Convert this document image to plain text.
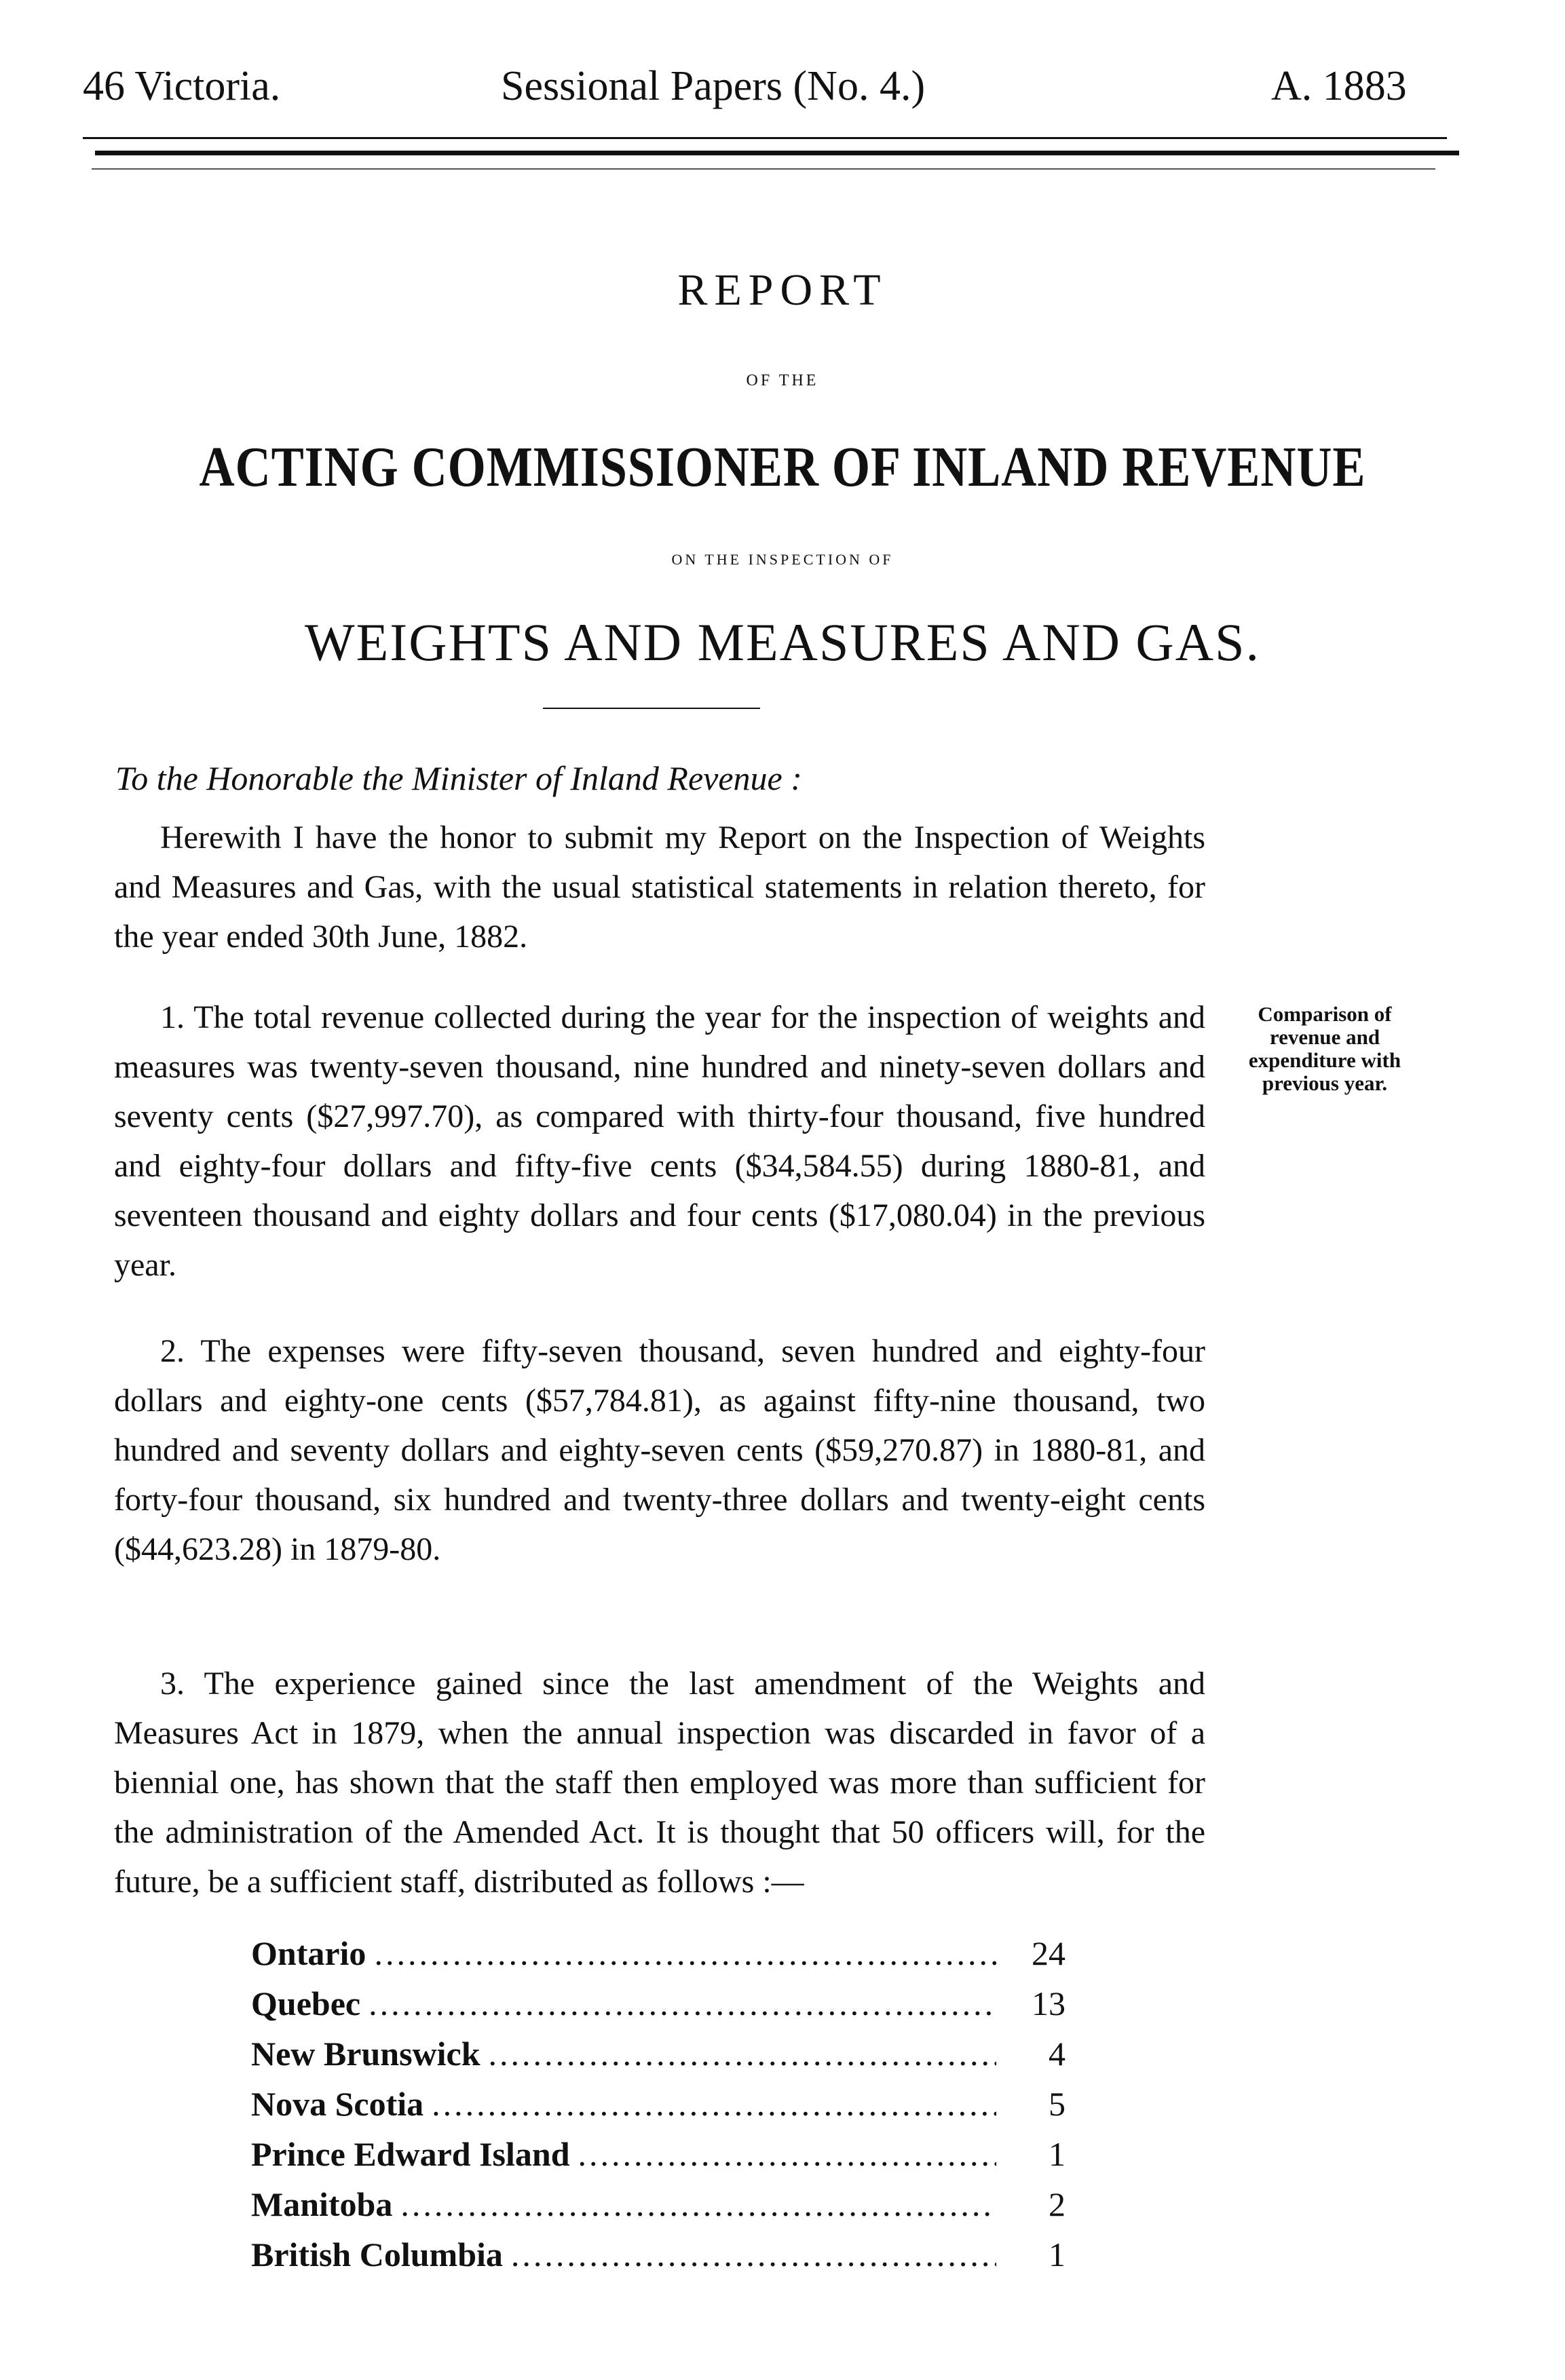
46 Victoria.	Sessional Papers (No. 4.)	A. 1883
REPORT
OF THE
ACTING COMMISSIONER OF INLAND REVENUE
ON THE INSPECTION OF
WEIGHTS AND MEASURES AND GAS.
To the Honorable the Minister of Inland Revenue :
Herewith I have the honor to submit my Report on the Inspection of Weights and Measures and Gas, with the usual statistical statements in relation thereto, for the year ended 30th June, 1882.
1. The total revenue collected during the year for the inspection of weights and measures was twenty-seven thousand, nine hundred and ninety-seven dollars and seventy cents ($27,997.70), as compared with thirty-four thousand, five hundred and eighty-four dollars and fifty-five cents ($34,584.55) during 1880-81, and seventeen thousand and eighty dollars and four cents ($17,080.04) in the previous year.
Comparison of revenue and expenditure with previous year.
2. The expenses were fifty-seven thousand, seven hundred and eighty-four dollars and eighty-one cents ($57,784.81), as against fifty-nine thousand, two hundred and seventy dollars and eighty-seven cents ($59,270.87) in 1880-81, and forty-four thousand, six hundred and twenty-three dollars and twenty-eight cents ($44,623.28) in 1879-80.
3. The experience gained since the last amendment of the Weights and Measures Act in 1879, when the annual inspection was discarded in favor of a biennial one, has shown that the staff then employed was more than sufficient for the administration of the Amended Act. It is thought that 50 officers will, for the future, be a sufficient staff, distributed as follows :—
Ontario .....	24
Quebec .....	13
New Brunswick .....	4
Nova Scotia .....	5
Prince Edward Island .....	1
Manitoba .....	2
British Columbia .....	1
